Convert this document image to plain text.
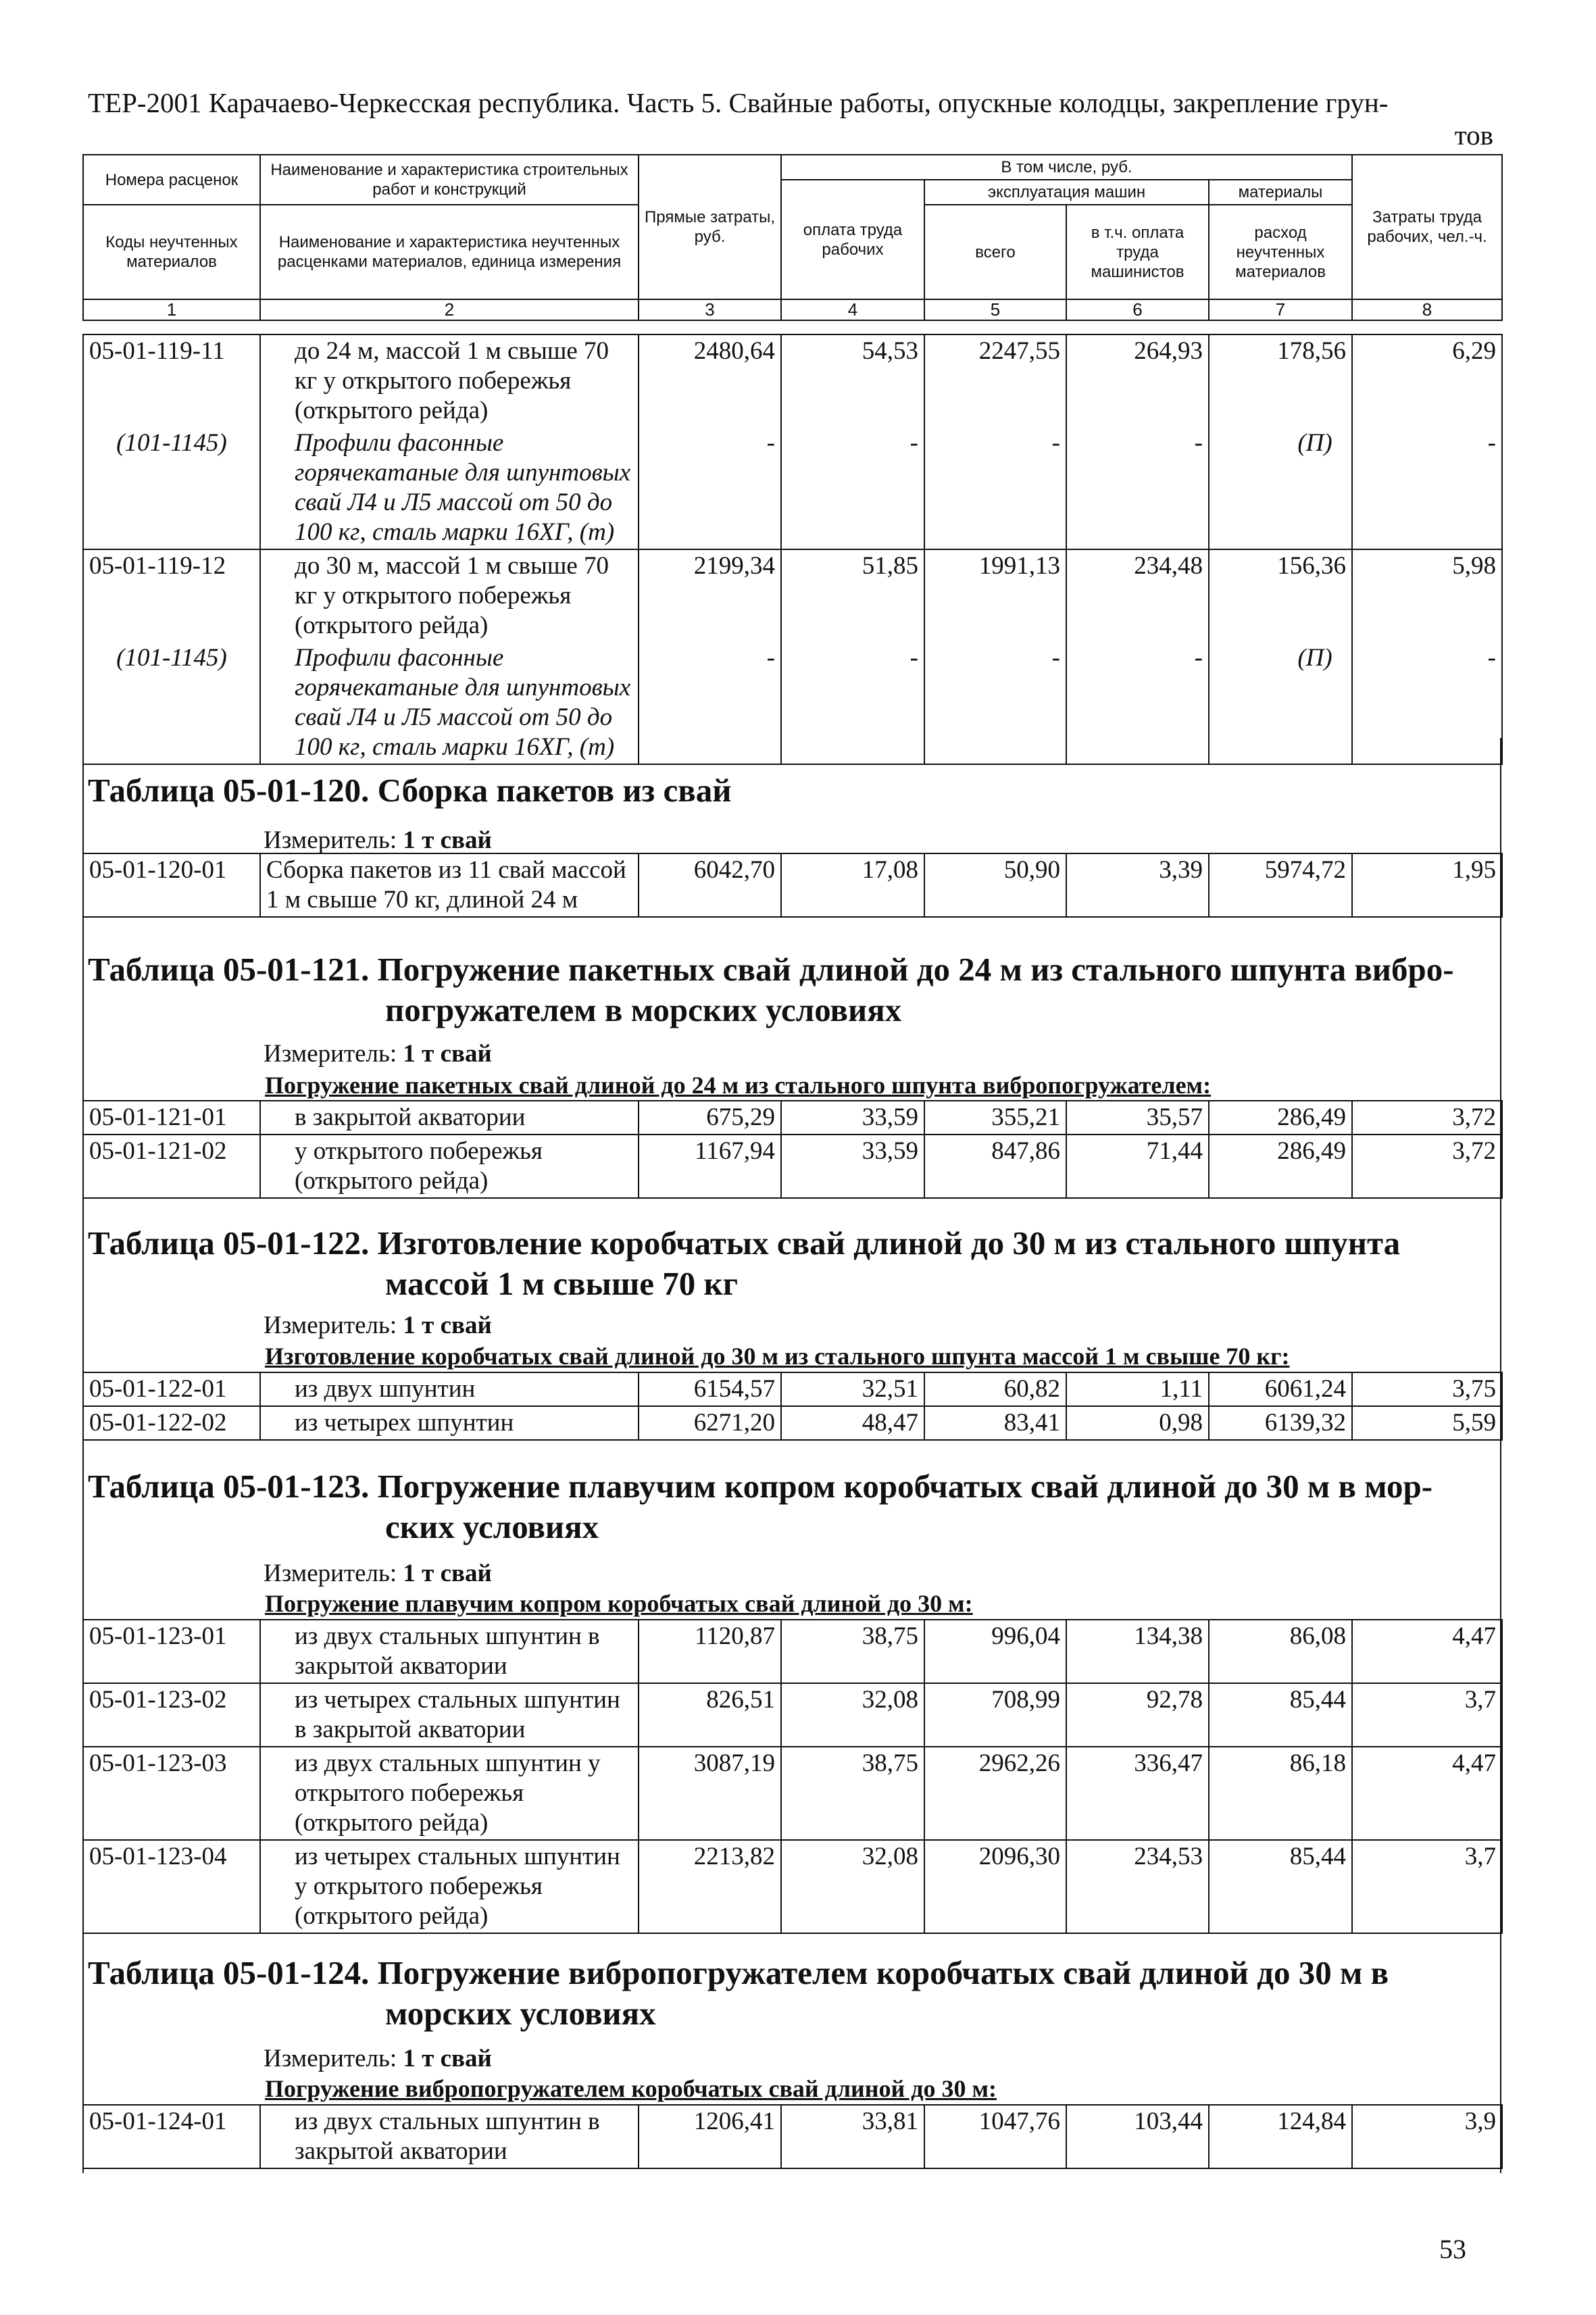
ТЕР-2001 Карачаево-Черкесская республика. Часть 5. Свайные работы, опускные колодцы, закрепление грун-
тов
Номера расценок	Наименование и характеристика строительных работ и конструкций	Прямые затраты, руб.	В том числе, руб.				Затраты труда рабочих, чел.-ч.
			оплата труда рабочих	эксплуатация машин		материалы	
Коды неучтенных материалов	Наименование и характеристика неучтенных расценками материалов, единица измерения			всего	в т.ч. оплата труда машинистов	расход неучтенных материалов	

1	2	3	4	5	6	7	8
05-01-119-11	до 24 м, массой 1 м свыше 70 кг у открытого побережья (открытого рейда)	2480,64	54,53	2247,55	264,93	178,56	6,29
(101-1145)	Профили фасонные горячекатаные для шпунтовых свай Л4 и Л5 массой от 50 до 100 кг, сталь марки 16ХГ, (т)	-	-	-	-	(П)	-
05-01-119-12	до 30 м, массой 1 м свыше 70 кг у открытого побережья (открытого рейда)	2199,34	51,85	1991,13	234,48	156,36	5,98
(101-1145)	Профили фасонные горячекатаные для шпунтовых свай Л4 и Л5 массой от 50 до 100 кг, сталь марки 16ХГ, (т)	-	-	-	-	(П)	-
Таблица 05-01-120. Сборка пакетов из свай
Измеритель: 1 т свай
05-01-120-01	Сборка пакетов из 11 свай массой 1 м свыше 70 кг, длиной 24 м	6042,70	17,08	50,90	3,39	5974,72	1,95
Таблица 05-01-121. Погружение пакетных свай длиной до 24 м из стального шпунта вибро-
погружателем в морских условиях
Измеритель: 1 т свай
Погружение пакетных свай длиной до 24 м из стального шпунта вибропогружателем:
05-01-121-01	в закрытой акватории	675,29	33,59	355,21	35,57	286,49	3,72
05-01-121-02	у открытого побережья (открытого рейда)	1167,94	33,59	847,86	71,44	286,49	3,72
Таблица 05-01-122. Изготовление коробчатых свай длиной до 30 м из стального шпунта
массой 1 м свыше 70 кг
Измеритель: 1 т свай
Изготовление коробчатых свай длиной до 30 м из стального шпунта массой 1 м свыше 70 кг:
05-01-122-01	из двух шпунтин	6154,57	32,51	60,82	1,11	6061,24	3,75
05-01-122-02	из четырех шпунтин	6271,20	48,47	83,41	0,98	6139,32	5,59
Таблица 05-01-123. Погружение плавучим копром коробчатых свай длиной до 30 м в мор-
ских условиях
Измеритель: 1 т свай
Погружение плавучим копром коробчатых свай длиной до 30 м:
05-01-123-01	из двух стальных шпунтин в закрытой акватории	1120,87	38,75	996,04	134,38	86,08	4,47
05-01-123-02	из четырех стальных шпунтин в закрытой акватории	826,51	32,08	708,99	92,78	85,44	3,7
05-01-123-03	из двух стальных шпунтин у открытого побережья (открытого рейда)	3087,19	38,75	2962,26	336,47	86,18	4,47
05-01-123-04	из четырех стальных шпунтин у открытого побережья (открытого рейда)	2213,82	32,08	2096,30	234,53	85,44	3,7
Таблица 05-01-124. Погружение вибропогружателем коробчатых свай длиной до 30 м в
морских условиях
Измеритель: 1 т свай
Погружение вибропогружателем коробчатых свай длиной до 30 м:
05-01-124-01	из двух стальных шпунтин в закрытой акватории	1206,41	33,81	1047,76	103,44	124,84	3,9
53
